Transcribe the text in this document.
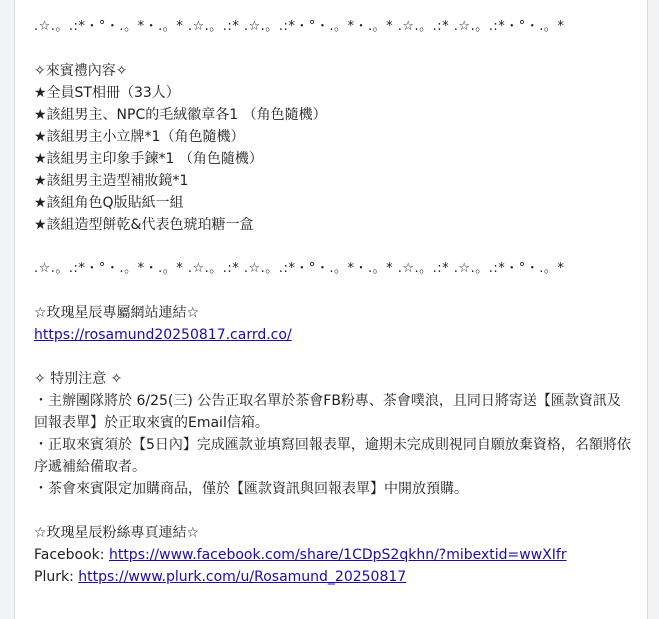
.☆.。.:*・°・.。*・.。* .☆.。.:* .☆.。.:*・°・.。*・.。* .☆.。.:* .☆.。.:*・°・.。*
✧來賓禮內容✧
★全員ST相冊（33人）
★該組男主、NPC的毛絨徽章各1 （角色隨機）
★該組男主小立牌*1（角色隨機）
★該組男主印象手鍊*1 （角色隨機）
★該組男主造型補妝鏡*1
★該組角色Q版貼紙一組
★該組造型餅乾&代表色琥珀糖一盒
.☆.。.:*・°・.。*・.。* .☆.。.:* .☆.。.:*・°・.。*・.。* .☆.。.:* .☆.。.:*・°・.。*
☆玫瑰星辰專屬網站連結☆
https://rosamund20250817.carrd.co/
✧ 特別注意 ✧
・主辦團隊將於 6/25(三) 公告正取名單於茶會FB粉專、茶會噗浪，且同日將寄送【匯款資訊及回報表單】於正取來賓的Email信箱。
・正取來賓須於【5日內】完成匯款並填寫回報表單，逾期未完成則視同自願放棄資格，名額將依序遞補給備取者。
・茶會來賓限定加購商品，僅於【匯款資訊與回報表單】中開放預購。
☆玫瑰星辰粉絲專頁連結☆
Facebook: https://www.facebook.com/share/1CDpS2qkhn/?mibextid=wwXIfr
Plurk: https://www.plurk.com/u/Rosamund_20250817
